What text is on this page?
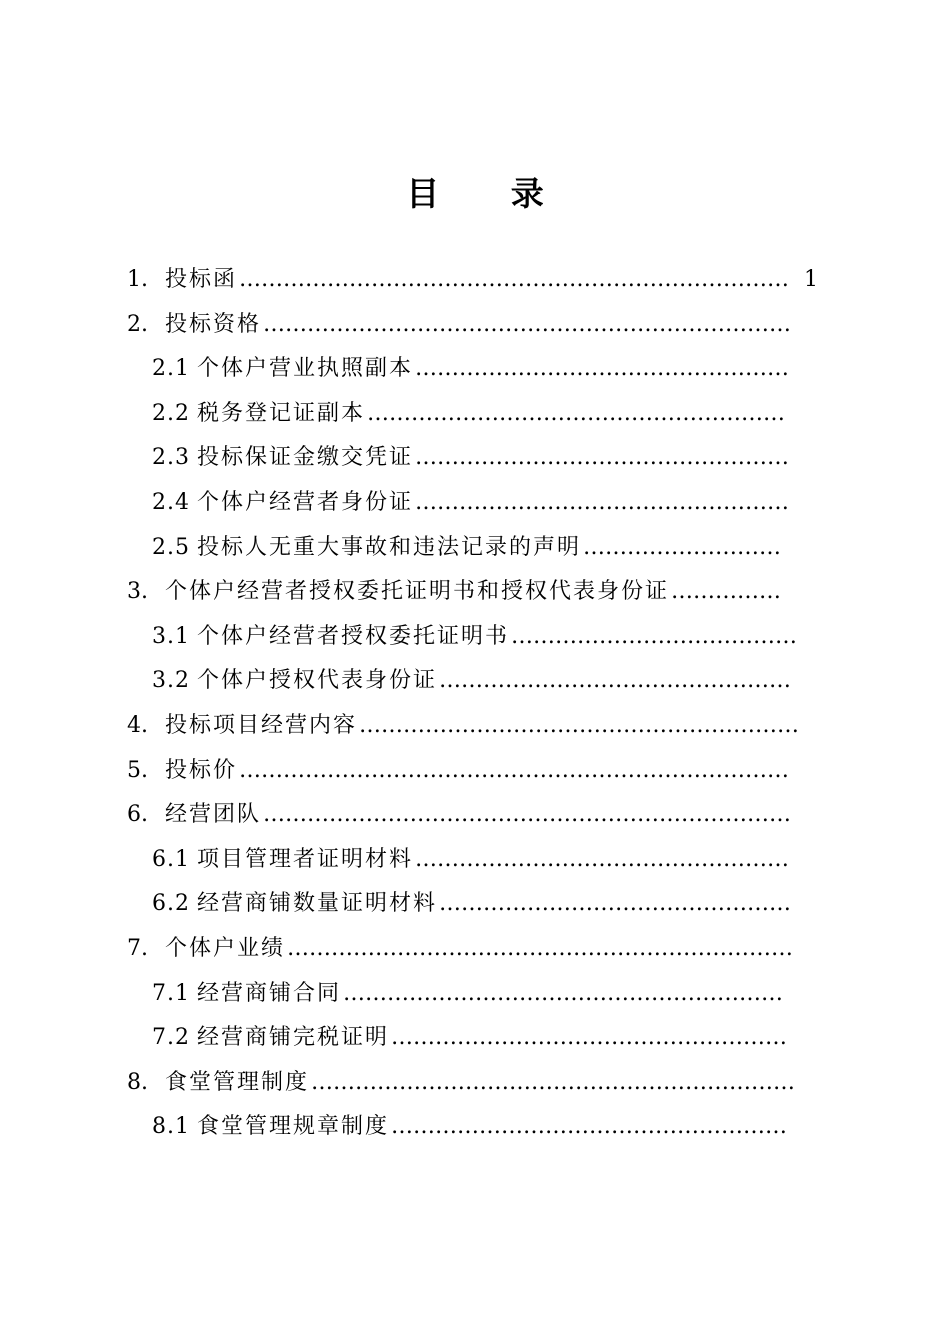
目 录
1. 投标函 ………………………………………………………………… 1
2. 投标资格 ………………………………………………………………
2.1 个体户营业执照副本 ……………………………………………
2.2 税务登记证副本 …………………………………………………
2.3 投标保证金缴交凭证 ……………………………………………
2.4 个体户经营者身份证 ……………………………………………
2.5 投标人无重大事故和违法记录的声明 ………………………
3. 个体户经营者授权委托证明书和授权代表身份证 ……………
3.1 个体户经营者授权委托证明书 …………………………………
3.2 个体户授权代表身份证 …………………………………………
4. 投标项目经营内容 ……………………………………………………
5. 投标价 …………………………………………………………………
6. 经营团队 ………………………………………………………………
6.1 项目管理者证明材料 ……………………………………………
6.2 经营商铺数量证明材料 …………………………………………
7. 个体户业绩 ……………………………………………………………
7.1 经营商铺合同 ……………………………………………………
7.2 经营商铺完税证明 ………………………………………………
8. 食堂管理制度 …………………………………………………………
8.1 食堂管理规章制度 ………………………………………………
